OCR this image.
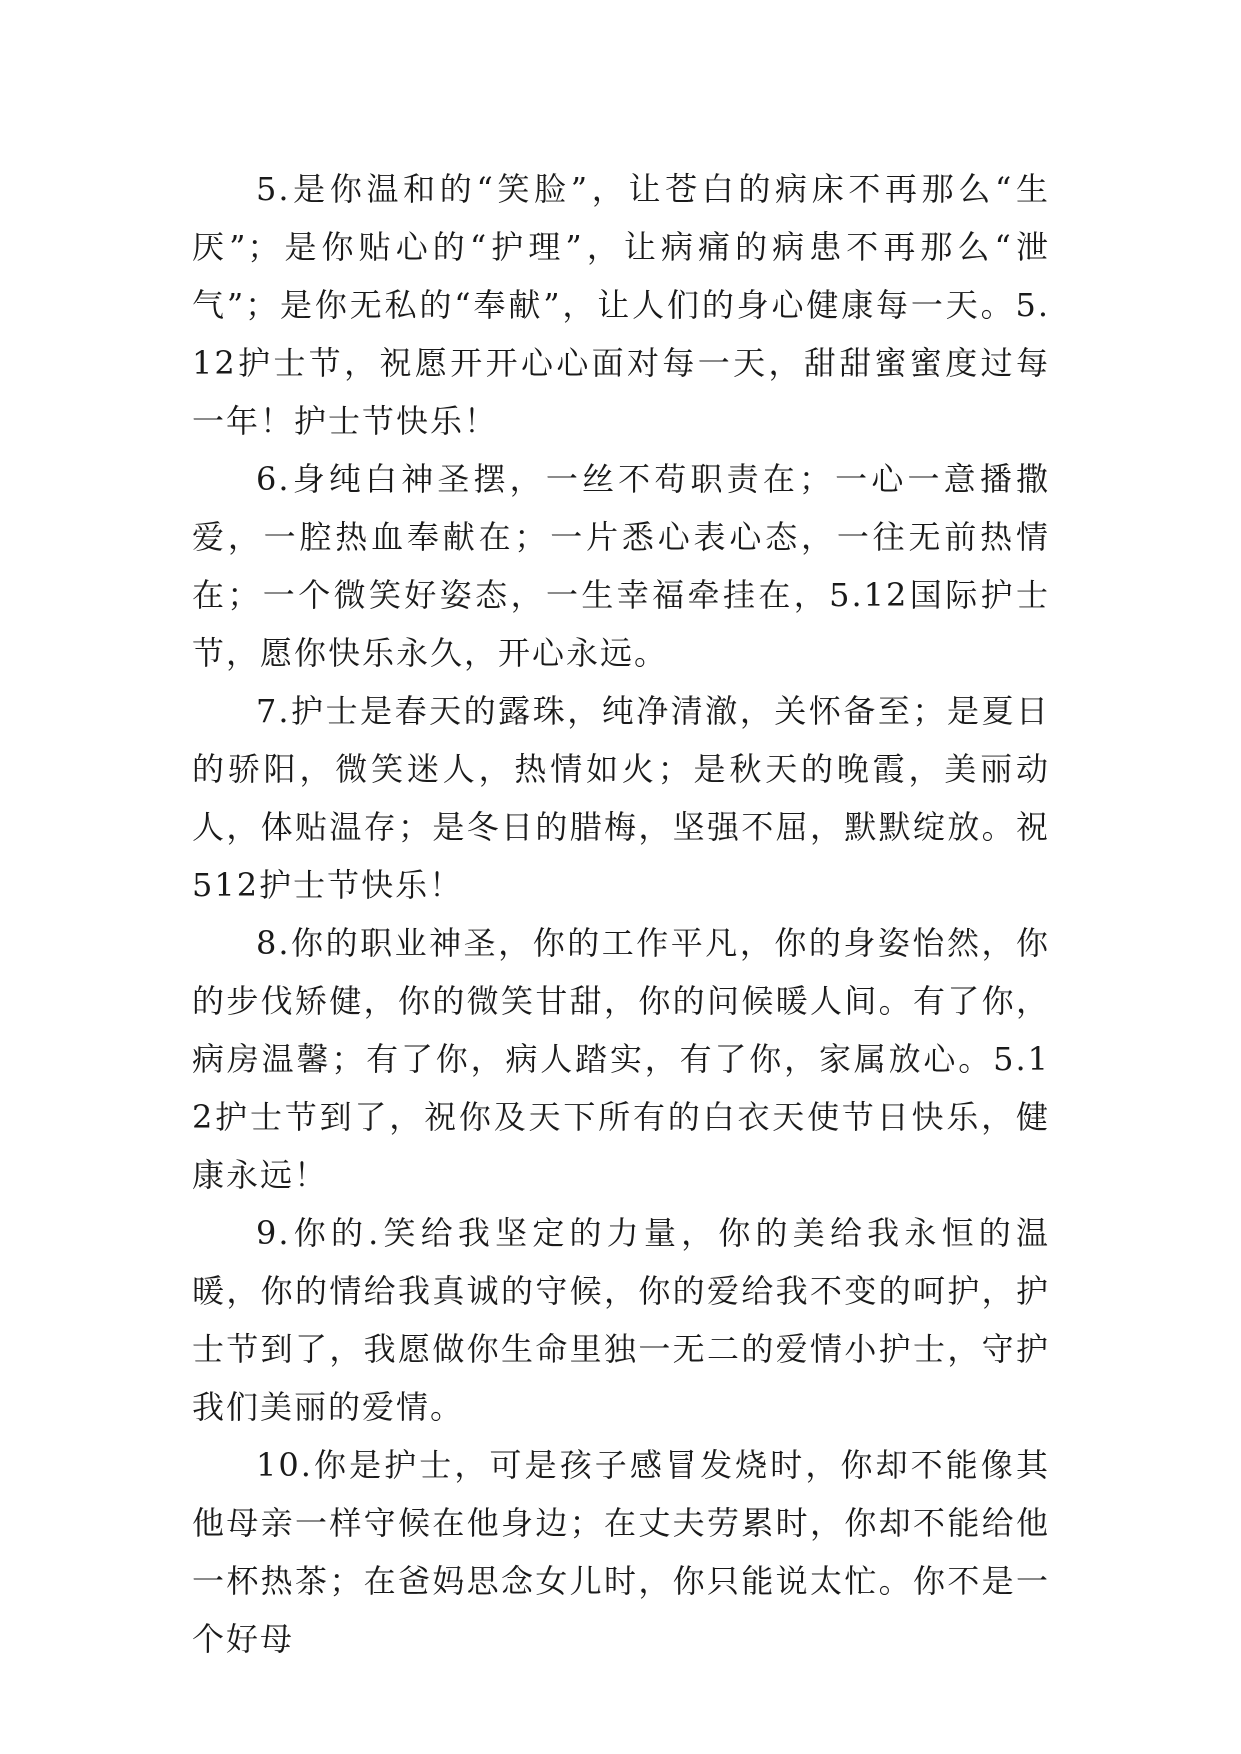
5.是你温和的“笑脸”，让苍白的病床不再那么“生厌”；是你贴心的“护理”，让病痛的病患不再那么“泄气”；是你无私的“奉献”，让人们的身心健康每一天。5.12护士节，祝愿开开心心面对每一天，甜甜蜜蜜度过每一年！护士节快乐！

6.身纯白神圣摆，一丝不苟职责在；一心一意播撒爱，一腔热血奉献在；一片悉心表心态，一往无前热情在；一个微笑好姿态，一生幸福牵挂在，5.12国际护士节，愿你快乐永久，开心永远。

7.护士是春天的露珠，纯净清澈，关怀备至；是夏日的骄阳，微笑迷人，热情如火；是秋天的晚霞，美丽动人，体贴温存；是冬日的腊梅，坚强不屈，默默绽放。祝512护士节快乐！

8.你的职业神圣，你的工作平凡，你的身姿怡然，你的步伐矫健，你的微笑甘甜，你的问候暖人间。有了你，病房温馨；有了你，病人踏实，有了你，家属放心。5.12护士节到了，祝你及天下所有的白衣天使节日快乐，健康永远！

9.你的.笑给我坚定的力量，你的美给我永恒的温暖，你的情给我真诚的守候，你的爱给我不变的呵护，护士节到了，我愿做你生命里独一无二的爱情小护士，守护我们美丽的爱情。

10.你是护士，可是孩子感冒发烧时，你却不能像其他母亲一样守候在他身边；在丈夫劳累时，你却不能给他一杯热茶；在爸妈思念女儿时，你只能说太忙。你不是一个好母
